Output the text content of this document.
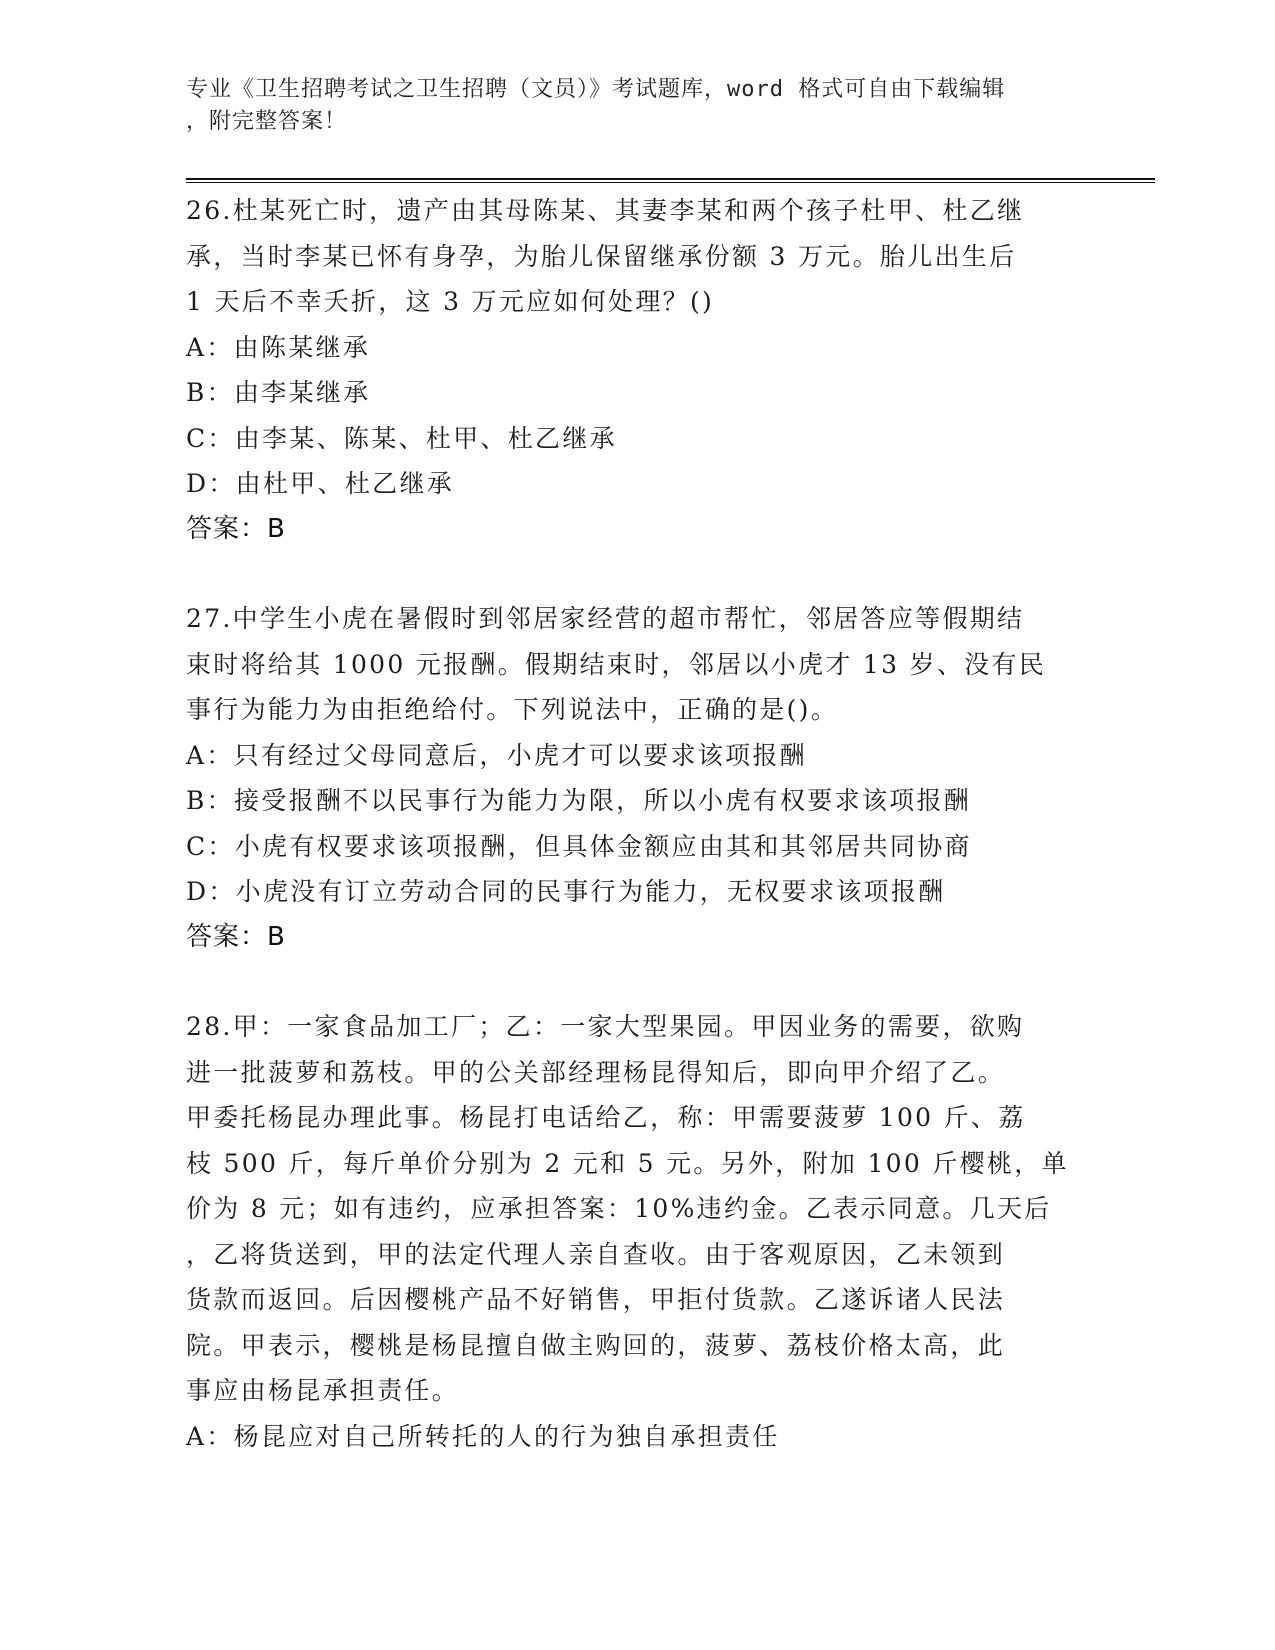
专业《卫生招聘考试之卫生招聘（文员）》考试题库，word 格式可自由下载编辑
，附完整答案！
26.杜某死亡时，遗产由其母陈某、其妻李某和两个孩子杜甲、杜乙继
承，当时李某已怀有身孕，为胎儿保留继承份额 3 万元。胎儿出生后
1 天后不幸夭折，这 3 万元应如何处理？()
A：由陈某继承
B：由李某继承
C：由李某、陈某、杜甲、杜乙继承
D：由杜甲、杜乙继承
答案：B
27.中学生小虎在暑假时到邻居家经营的超市帮忙，邻居答应等假期结
束时将给其 1000 元报酬。假期结束时，邻居以小虎才 13 岁、没有民
事行为能力为由拒绝给付。下列说法中，正确的是()。
A：只有经过父母同意后，小虎才可以要求该项报酬
B：接受报酬不以民事行为能力为限，所以小虎有权要求该项报酬
C：小虎有权要求该项报酬，但具体金额应由其和其邻居共同协商
D：小虎没有订立劳动合同的民事行为能力，无权要求该项报酬
答案：B
28.甲：一家食品加工厂；乙：一家大型果园。甲因业务的需要，欲购
进一批菠萝和荔枝。甲的公关部经理杨昆得知后，即向甲介绍了乙。
甲委托杨昆办理此事。杨昆打电话给乙，称：甲需要菠萝 100 斤、荔
枝 500 斤，每斤单价分别为 2 元和 5 元。另外，附加 100 斤樱桃，单
价为 8 元；如有违约，应承担答案：10%违约金。乙表示同意。几天后
，乙将货送到，甲的法定代理人亲自查收。由于客观原因，乙未领到
货款而返回。后因樱桃产品不好销售，甲拒付货款。乙遂诉诸人民法
院。甲表示，樱桃是杨昆擅自做主购回的，菠萝、荔枝价格太高，此
事应由杨昆承担责任。
A：杨昆应对自己所转托的人的行为独自承担责任
